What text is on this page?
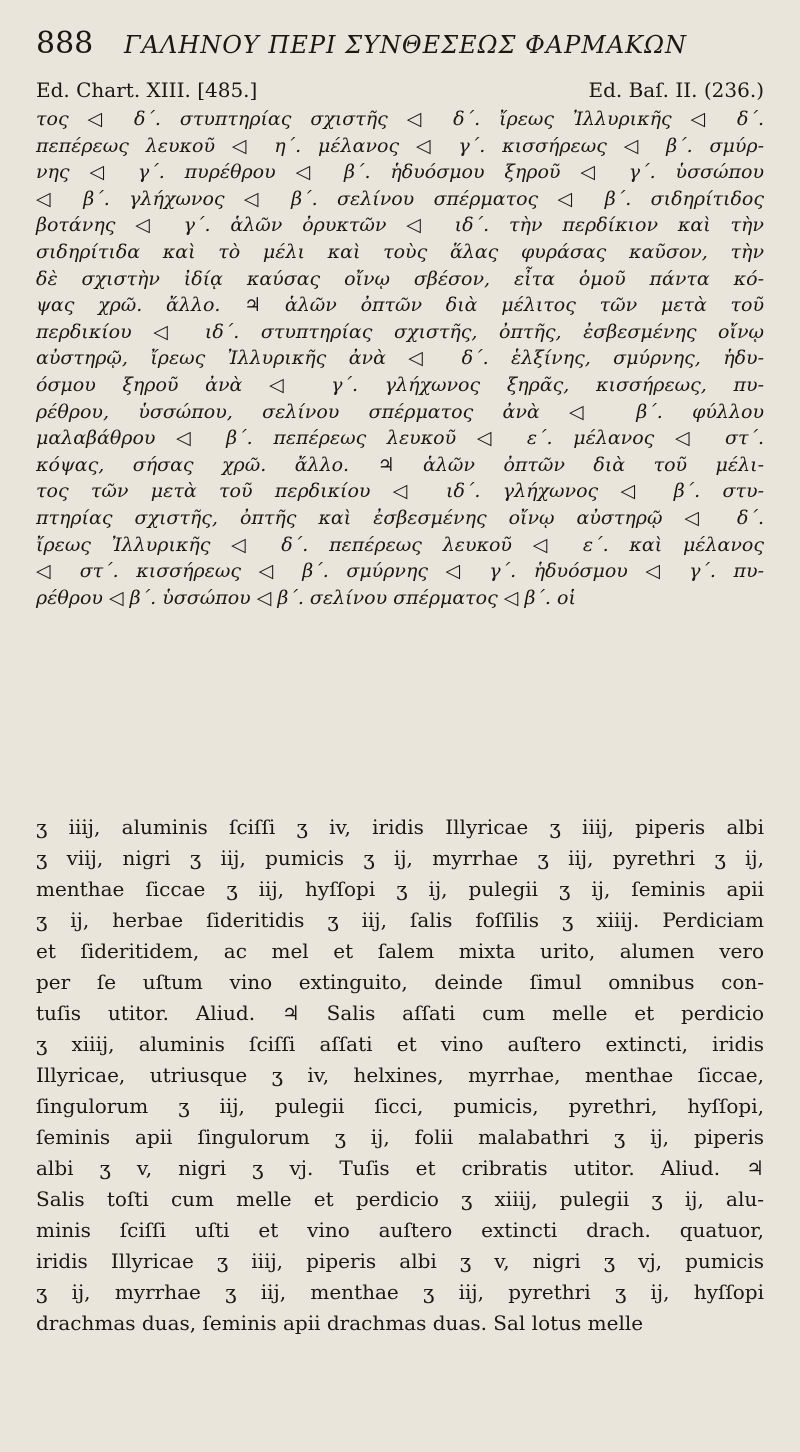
888	ΓΑΛΗΝΟΥ ΠΕΡΙ ΣΥΝΘΕΣΕΩΣ ΦΑΡΜΑΚΩΝ
Ed. Chart. XIII. [485.]	Ed. Baſ. II. (236.)
τος ◁ δ΄. στυπτηρίας σχιστῆς ◁ δ΄. ἴρεως Ἰλλυρικῆς ◁ δ΄.
πεπέρεως λευκοῦ ◁ η΄. μέλανος ◁ γ΄. κισσήρεως ◁ β΄. σμύρ-
νης ◁ γ΄. πυρέθρου ◁ β΄. ἡδυόσμου ξηροῦ ◁ γ΄. ὑσσώπου
◁ β΄. γλήχωνος ◁ β΄. σελίνου σπέρματος ◁ β΄. σιδηρίτιδος
βοτάνης ◁ γ΄. ἁλῶν ὀρυκτῶν ◁ ιδ΄. τὴν περδίκιον καὶ τὴν
σιδηρίτιδα καὶ τὸ μέλι καὶ τοὺς ἅλας φυράσας καῦσον, τὴν
δὲ σχιστὴν ἰδίᾳ καύσας οἴνῳ σβέσον, εἶτα ὁμοῦ πάντα κό-
ψας χρῶ. ἄλλο. ♃ ἁλῶν ὀπτῶν διὰ μέλιτος τῶν μετὰ τοῦ
περδικίου ◁ ιδ΄. στυπτηρίας σχιστῆς, ὀπτῆς, ἐσβεσμένης οἴνῳ
αὐστηρῷ, ἴρεως Ἰλλυρικῆς ἀνὰ ◁ δ΄. ἑλξίνης, σμύρνης, ἡδυ-
όσμου ξηροῦ ἀνὰ ◁ γ΄. γλήχωνος ξηρᾶς, κισσήρεως, πυ-
ρέθρου, ὑσσώπου, σελίνου σπέρματος ἀνὰ ◁ β΄. φύλλου
μαλαβάθρου ◁ β΄. πεπέρεως λευκοῦ ◁ ε΄. μέλανος ◁ στ΄.
κόψας, σήσας χρῶ. ἄλλο. ♃ ἁλῶν ὀπτῶν διὰ τοῦ μέλι-
τος τῶν μετὰ τοῦ περδικίου ◁ ιδ΄. γλήχωνος ◁ β΄. στυ-
πτηρίας σχιστῆς, ὀπτῆς καὶ ἐσβεσμένης οἴνῳ αὐστηρῷ ◁ δ΄.
ἴρεως Ἰλλυρικῆς ◁ δ΄. πεπέρεως λευκοῦ ◁ ε΄. καὶ μέλανος
◁ στ΄. κισσήρεως ◁ β΄. σμύρνης ◁ γ΄. ἡδυόσμου ◁ γ΄. πυ-
ρέθρου ◁ β΄. ὑσσώπου ◁ β΄. σελίνου σπέρματος ◁ β΄. οἱ
ʒ iiij, aluminis ſciſſi ʒ iv, iridis Illyricae ʒ iiij, piperis albi
ʒ viij, nigri ʒ iij, pumicis ʒ ij, myrrhae ʒ iij, pyrethri ʒ ij,
menthae ſiccae ʒ iij, hyſſopi ʒ ij, pulegii ʒ ij, ſeminis apii
ʒ ij, herbae ſideritidis ʒ iij, ſalis foſſilis ʒ xiiij. Perdiciam
et ſideritidem, ac mel et ſalem mixta urito, alumen vero
per ſe uſtum vino extinguito, deinde ſimul omnibus con-
tuſis utitor. Aliud. ♃ Salis aſſati cum melle et perdicio
ʒ xiiij, aluminis ſciſſi aſſati et vino auſtero extincti, iridis
Illyricae, utriusque ʒ iv, helxines, myrrhae, menthae ſiccae,
ſingulorum ʒ iij, pulegii ſicci, pumicis, pyrethri, hyſſopi,
ſeminis apii ſingulorum ʒ ij, folii malabathri ʒ ij, piperis
albi ʒ v, nigri ʒ vj. Tuſis et cribratis utitor. Aliud. ♃
Salis toſti cum melle et perdicio ʒ xiiij, pulegii ʒ ij, alu-
minis ſciſſi uſti et vino auſtero extincti drach. quatuor,
iridis Illyricae ʒ iiij, piperis albi ʒ v, nigri ʒ vj, pumicis
ʒ ij, myrrhae ʒ iij, menthae ʒ iij, pyrethri ʒ ij, hyſſopi
drachmas duas, ſeminis apii drachmas duas. Sal lotus melle
